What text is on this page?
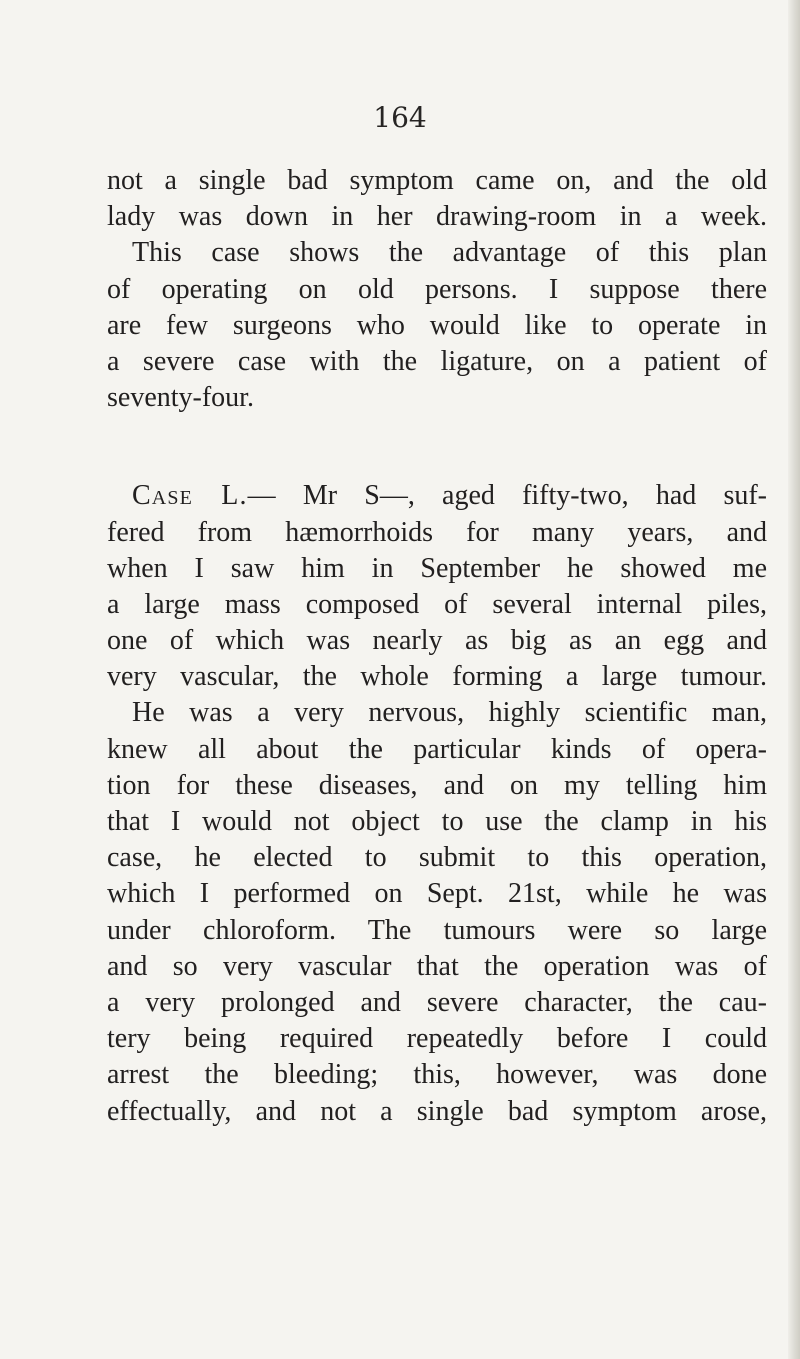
164

not a single bad symptom came on, and the old
lady was down in her drawing-room in a week.
This case shows the advantage of this plan
of operating on old persons. I suppose there
are few surgeons who would like to operate in
a severe case with the ligature, on a patient of
seventy-four.
Case L.— Mr S—, aged fifty-two, had suf-
fered from hæmorrhoids for many years, and
when I saw him in September he showed me
a large mass composed of several internal piles,
one of which was nearly as big as an egg and
very vascular, the whole forming a large tumour.
He was a very nervous, highly scientific man,
knew all about the particular kinds of opera-
tion for these diseases, and on my telling him
that I would not object to use the clamp in his
case, he elected to submit to this operation,
which I performed on Sept. 21st, while he was
under chloroform. The tumours were so large
and so very vascular that the operation was of
a very prolonged and severe character, the cau-
tery being required repeatedly before I could
arrest the bleeding; this, however, was done
effectually, and not a single bad symptom arose,
